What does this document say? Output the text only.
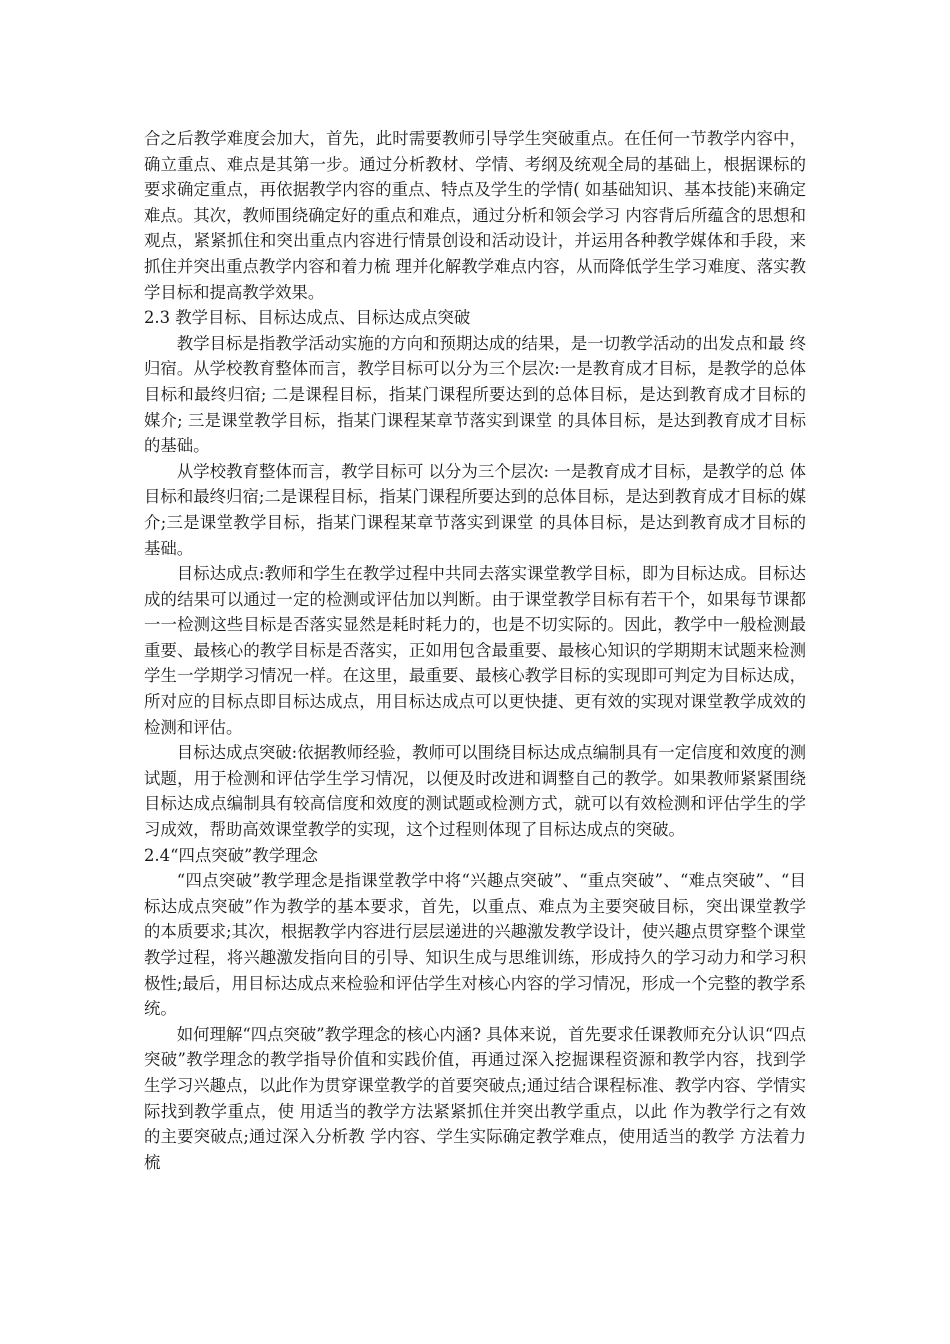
合之后教学难度会加大，首先，此时需要教师引导学生突破重点。在任何一节教学内容中，确立重点、难点是其第一步。通过分析教材、学情、考纲及统观全局的基础上，根据课标的要求确定重点，再依据教学内容的重点、特点及学生的学情( 如基础知识、基本技能)来确定难点。其次，教师围绕确定好的重点和难点，通过分析和领会学习 内容背后所蕴含的思想和观点，紧紧抓住和突出重点内容进行情景创设和活动设计，并运用各种教学媒体和手段，来抓住并突出重点教学内容和着力梳 理并化解教学难点内容，从而降低学生学习难度、落实教学目标和提高教学效果。

2.3 教学目标、目标达成点、目标达成点突破

教学目标是指教学活动实施的方向和预期达成的结果，是一切教学活动的出发点和最 终归宿。从学校教育整体而言，教学目标可以分为三个层次:一是教育成才目标，是教学的总体目标和最终归宿; 二是课程目标，指某门课程所要达到的总体目标，是达到教育成才目标的媒介; 三是课堂教学目标，指某门课程某章节落实到课堂 的具体目标，是达到教育成才目标的基础。

从学校教育整体而言，教学目标可 以分为三个层次: 一是教育成才目标，是教学的总 体目标和最终归宿;二是课程目标，指某门课程所要达到的总体目标，是达到教育成才目标的媒介;三是课堂教学目标，指某门课程某章节落实到课堂 的具体目标，是达到教育成才目标的基础。

目标达成点:教师和学生在教学过程中共同去落实课堂教学目标，即为目标达成。目标达成的结果可以通过一定的检测或评估加以判断。由于课堂教学目标有若干个，如果每节课都一一检测这些目标是否落实显然是耗时耗力的，也是不切实际的。因此，教学中一般检测最重要、最核心的教学目标是否落实，正如用包含最重要、最核心知识的学期期末试题来检测学生一学期学习情况一样。在这里，最重要、最核心教学目标的实现即可判定为目标达成，所对应的目标点即目标达成点，用目标达成点可以更快捷、更有效的实现对课堂教学成效的检测和评估。

目标达成点突破:依据教师经验，教师可以围绕目标达成点编制具有一定信度和效度的测试题，用于检测和评估学生学习情况，以便及时改进和调整自己的教学。如果教师紧紧围绕目标达成点编制具有较高信度和效度的测试题或检测方式，就可以有效检测和评估学生的学习成效，帮助高效课堂教学的实现，这个过程则体现了目标达成点的突破。

2.4“四点突破”教学理念

“四点突破”教学理念是指课堂教学中将“兴趣点突破”、“重点突破”、“难点突破”、“目标达成点突破”作为教学的基本要求，首先，以重点、难点为主要突破目标，突出课堂教学的本质要求;其次，根据教学内容进行层层递进的兴趣激发教学设计，使兴趣点贯穿整个课堂教学过程，将兴趣激发指向目的引导、知识生成与思维训练，形成持久的学习动力和学习积极性;最后，用目标达成点来检验和评估学生对核心内容的学习情况，形成一个完整的教学系统。

如何理解“四点突破”教学理念的核心内涵? 具体来说，首先要求任课教师充分认识“四点突破”教学理念的教学指导价值和实践价值，再通过深入挖掘课程资源和教学内容，找到学生学习兴趣点，以此作为贯穿课堂教学的首要突破点;通过结合课程标准、教学内容、学情实际找到教学重点，使 用适当的教学方法紧紧抓住并突出教学重点，以此 作为教学行之有效的主要突破点;通过深入分析教 学内容、学生实际确定教学难点，使用适当的教学 方法着力梳
